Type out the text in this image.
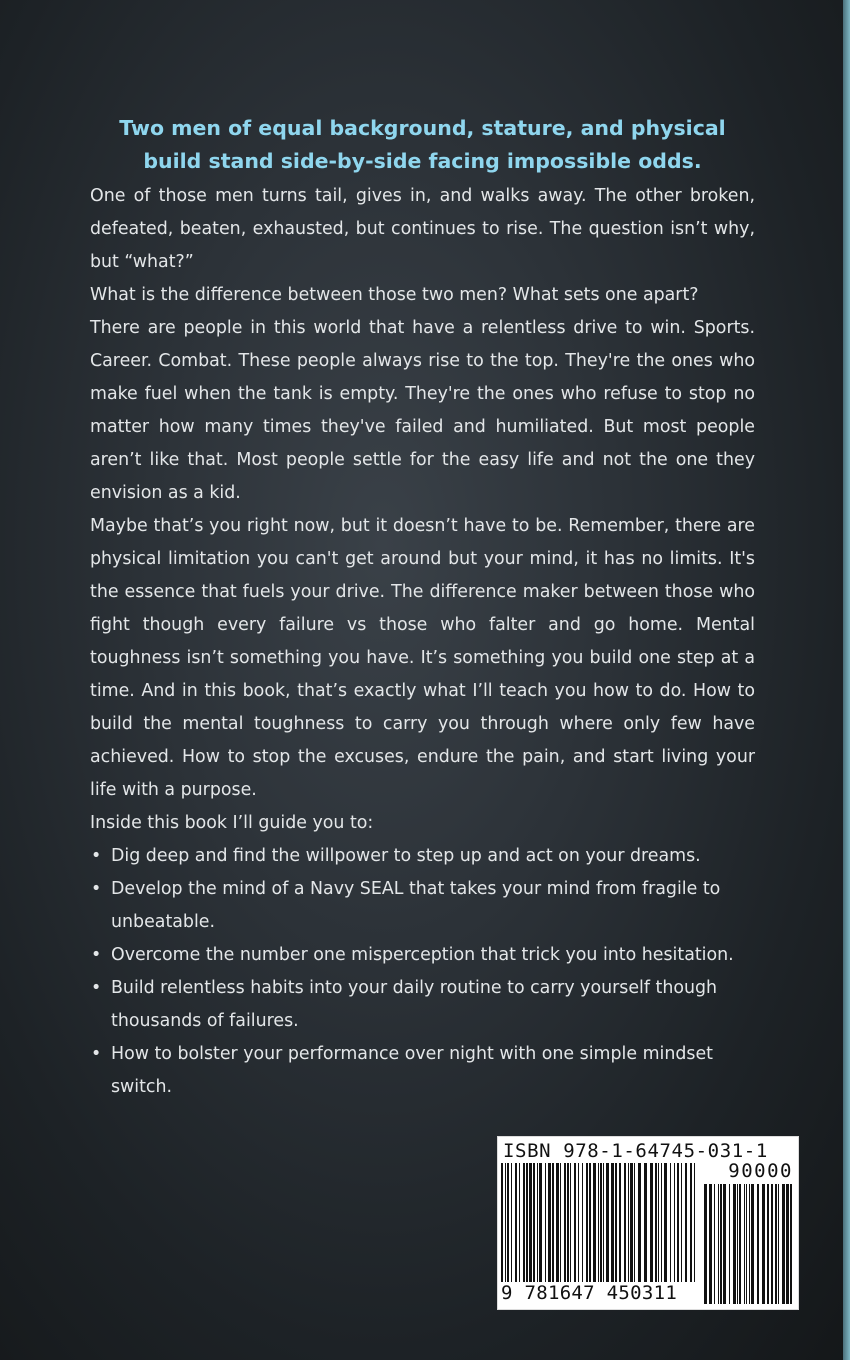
Two men of equal background, stature, and physical
build stand side-by-side facing impossible odds.

One of those men turns tail, gives in, and walks away. The other broken, defeated, beaten, exhausted, but continues to rise. The question isn’t why, but “what?”

What is the difference between those two men? What sets one apart?

There are people in this world that have a relentless drive to win. Sports. Career. Combat. These people always rise to the top. They're the ones who make fuel when the tank is empty. They're the ones who refuse to stop no matter how many times they've failed and humiliated. But most people aren’t like that. Most people settle for the easy life and not the one they envision as a kid.

Maybe that’s you right now, but it doesn’t have to be. Remember, there are physical limitation you can't get around but your mind, it has no limits. It's the essence that fuels your drive. The difference maker between those who fight though every failure vs those who falter and go home. Mental toughness isn’t something you have. It’s something you build one step at a time. And in this book, that’s exactly what I’ll teach you how to do. How to build the mental toughness to carry you through where only few have achieved. How to stop the excuses, endure the pain, and start living your life with a purpose.

Inside this book I’ll guide you to:

• Dig deep and find the willpower to step up and act on your dreams.
• Develop the mind of a Navy SEAL that takes your mind from fragile to unbeatable.
• Overcome the number one misperception that trick you into hesitation.
• Build relentless habits into your daily routine to carry yourself though thousands of failures.
• How to bolster your performance over night with one simple mindset switch.
ISBN 978-1-64745-031-1
90000
9 781647 450311
